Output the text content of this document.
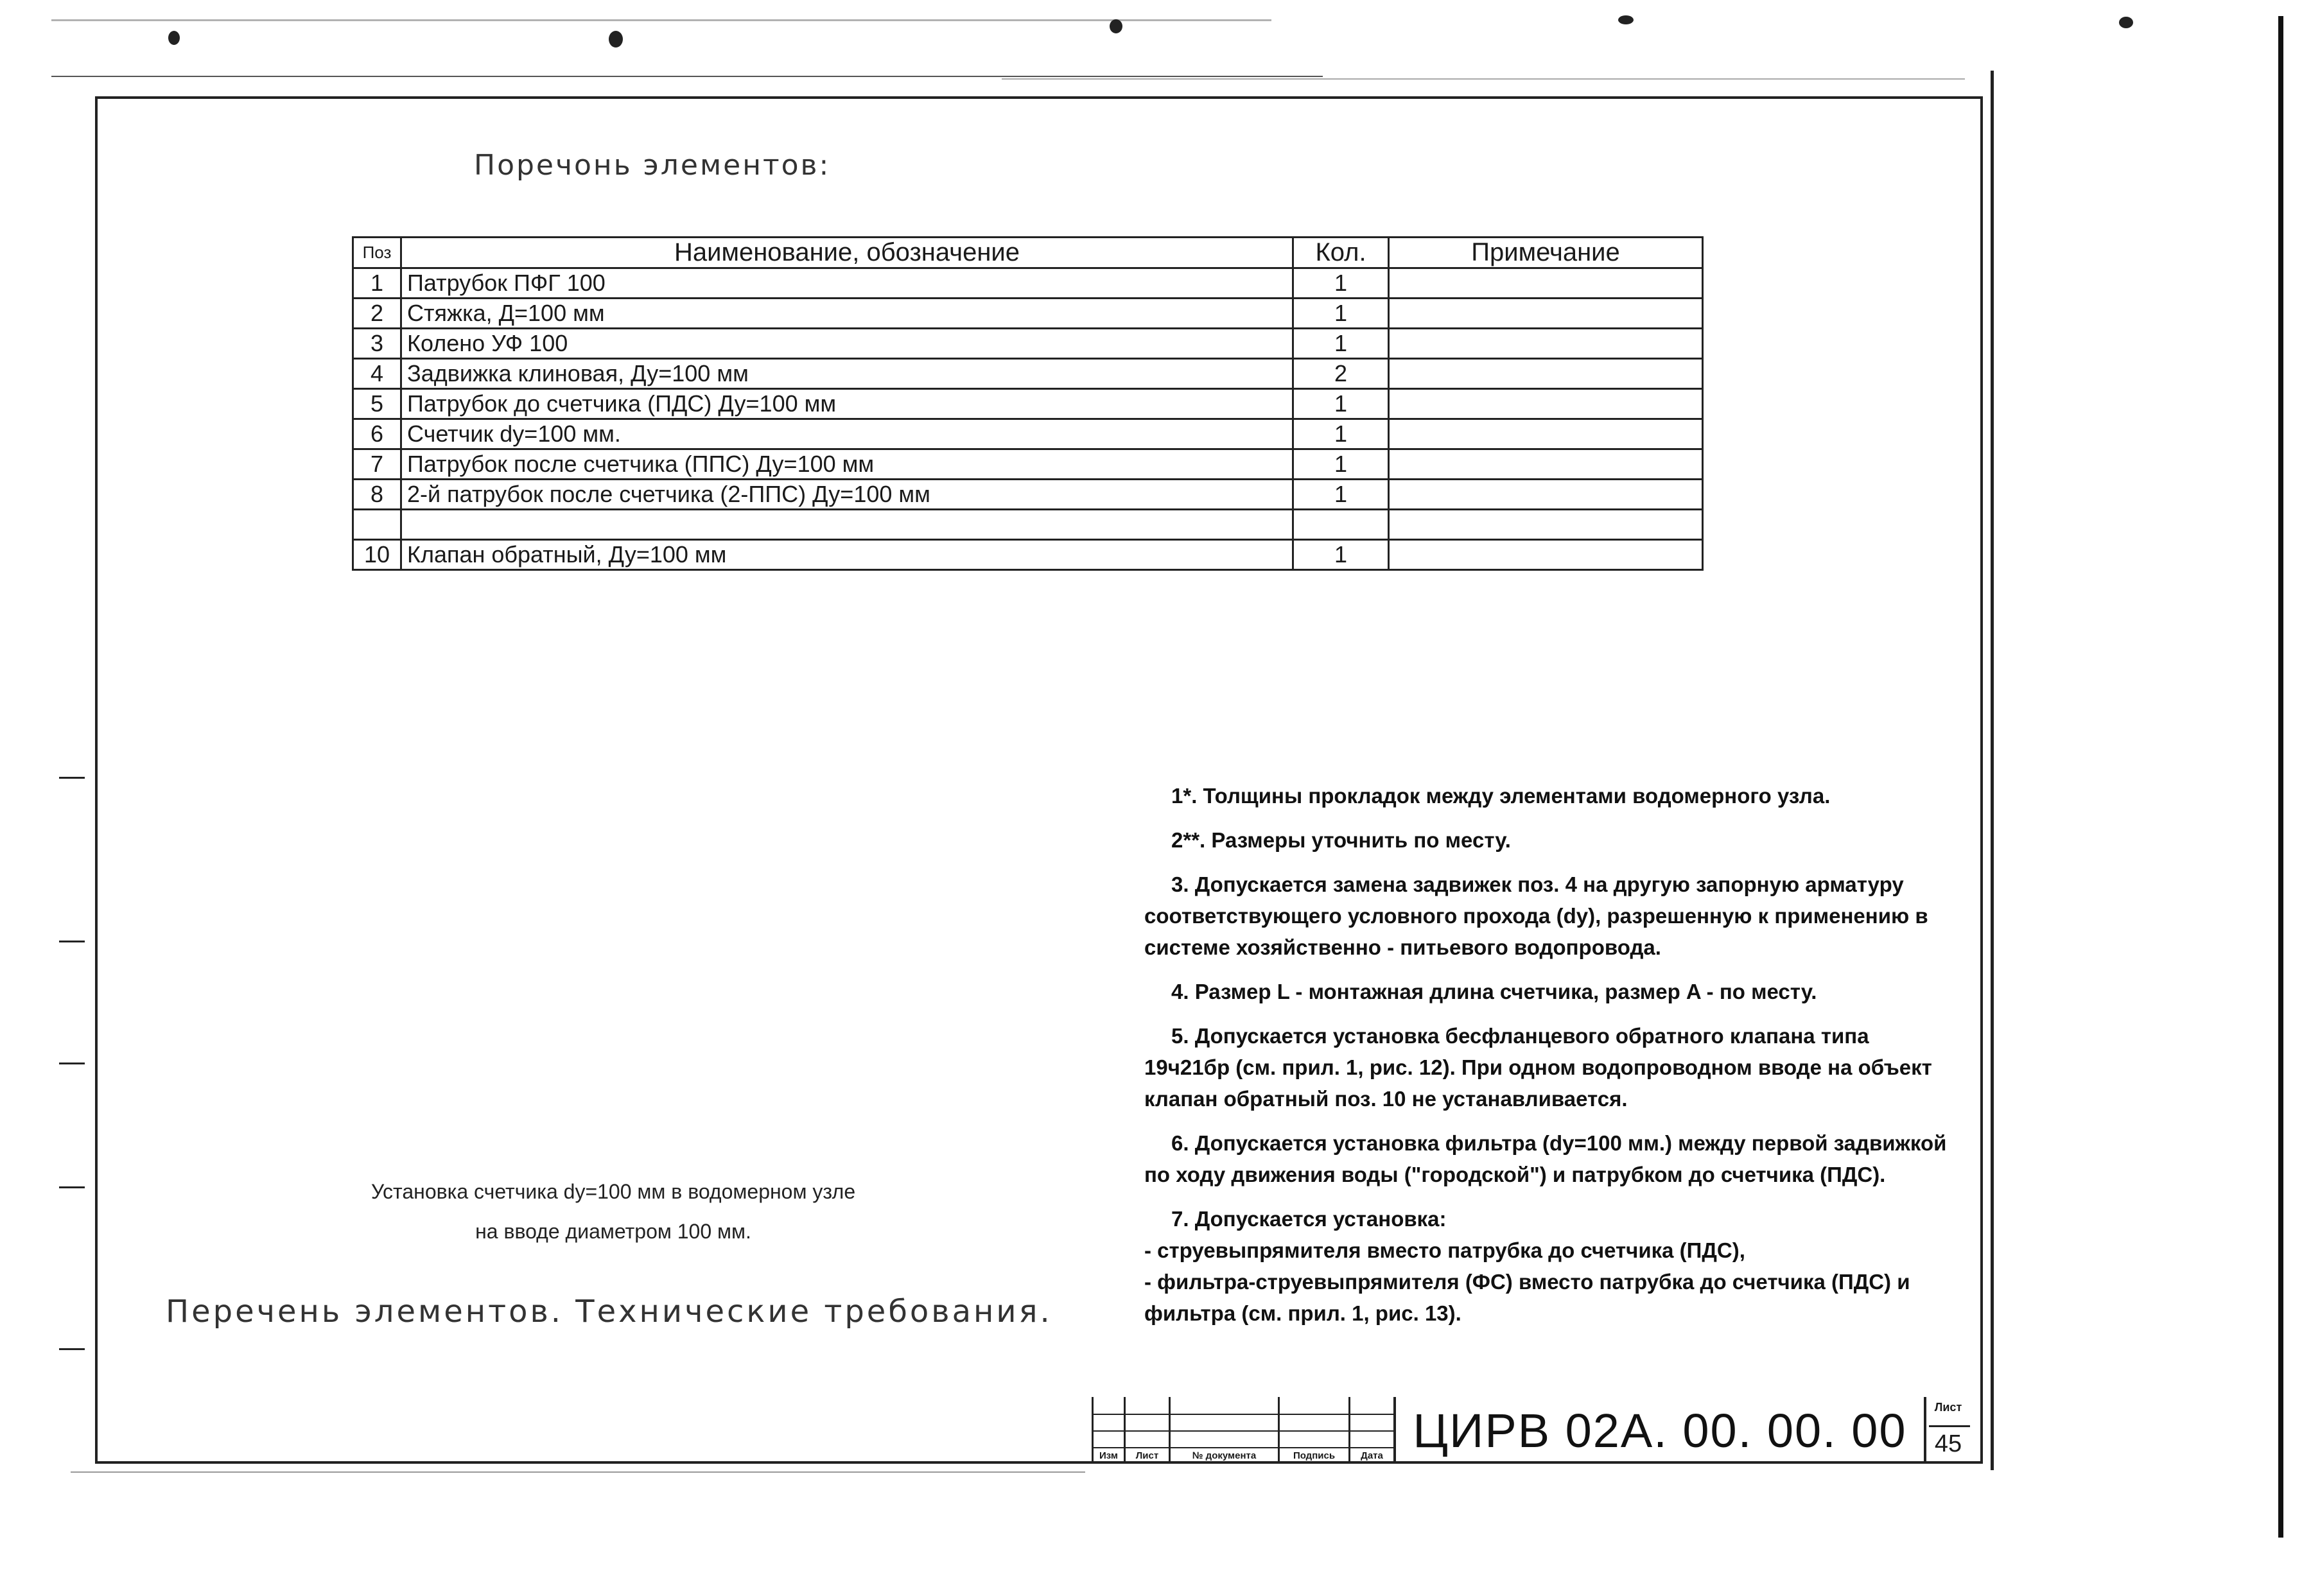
Поречонь элементов:
Поз	Наименование, обозначение	Кол.	Примечание
1	Патрубок ПФГ 100	1	
2	Стяжка, Д=100 мм	1	
3	Колено УФ 100	1	
4	Задвижка клиновая, Ду=100 мм	2	
5	Патрубок до счетчика (ПДС) Ду=100 мм	1	
6	Счетчик dy=100 мм.	1	
7	Патрубок после счетчика (ППС) Ду=100 мм	1	
8	2-й патрубок после счетчика (2-ППС) Ду=100 мм	1	

10	Клапан обратный, Ду=100 мм	1	

1*. Толщины прокладок между элементами водомерного узла.

2**. Размеры уточнить по месту.

3. Допускается замена задвижек поз. 4 на другую запорную арматуру соответствующего условного прохода (dy), разрешенную к применению в системе хозяйственно - питьевого водопровода.

4. Размер L - монтажная длина счетчика, размер A - по месту.

5. Допускается установка бесфланцевого обратного клапана типа 19ч21бр (см. прил. 1, рис. 12). При одном водопроводном вводе на объект клапан обратный поз. 10 не устанавливается.

6. Допускается установка фильтра (dy=100 мм.) между первой задвижкой по ходу движения воды ("городской") и патрубком до счетчика (ПДС).

7. Допускается установка:

- струевыпрямителя вместо патрубка до счетчика (ПДС),

- фильтра-струевыпрямителя (ФС) вместо патрубка до счетчика (ПДС) и фильтра (см. прил. 1, рис. 13).

Установка счетчика dy=100 мм в водомерном узле
на вводе диаметром 100 мм.
Перечень элементов. Технические требования.
Изм	Лист	№ документа	Подпись	Дата ЦИРВ 02А. 00. 00. 00	Лист
45
